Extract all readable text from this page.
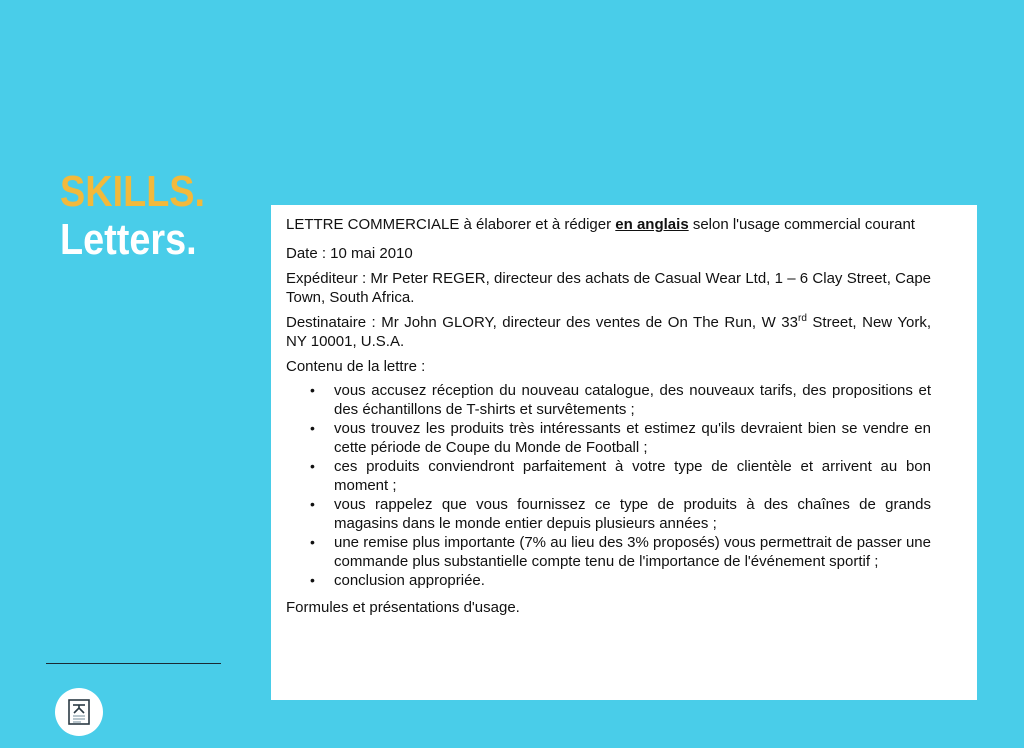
SKILLS.
Letters.	LETTRE COMMERCIALE à élaborer et à rédiger en anglais selon l'usage commercial courant

Date : 10 mai 2010

Expéditeur : Mr Peter REGER, directeur des achats de Casual Wear Ltd, 1 – 6 Clay Street, Cape Town, South Africa.

Destinataire : Mr John GLORY, directeur des ventes de On The Run, W 33rd Street, New York, NY 10001, U.S.A.

Contenu de la lettre :

• vous accusez réception du nouveau catalogue, des nouveaux tarifs, des propositions et des échantillons de T-shirts et survêtements ;
• vous trouvez les produits très intéressants et estimez qu'ils devraient bien se vendre en cette période de Coupe du Monde de Football ;
• ces produits conviendront parfaitement à votre type de clientèle et arrivent au bon moment ;
• vous rappelez que vous fournissez ce type de produits à des chaînes de grands magasins dans le monde entier depuis plusieurs années ;
• une remise plus importante (7% au lieu des 3% proposés) vous permettrait de passer une commande plus substantielle compte tenu de l'importance de l'événement sportif ;
• conclusion appropriée.

Formules et présentations d'usage.
